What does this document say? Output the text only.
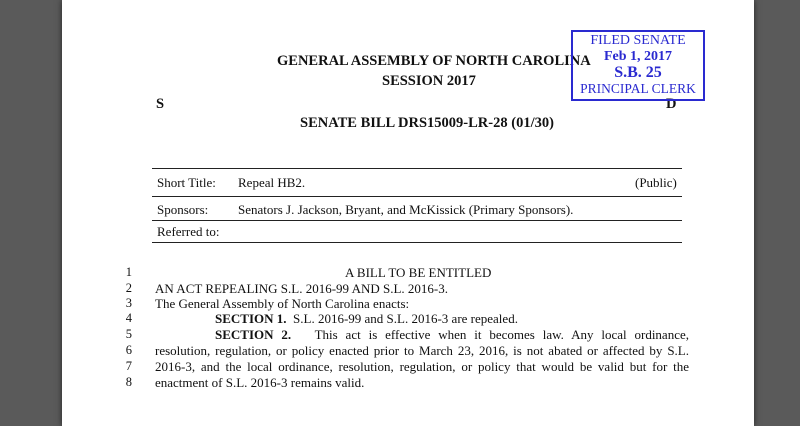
GENERAL ASSEMBLY OF NORTH CAROLINA
SESSION 2017
S	D
SENATE BILL DRS15009-LR-28 (01/30)
FILED SENATE
Feb 1, 2017
S.B. 25
PRINCIPAL CLERK
Short Title: Repeal HB2.	(Public)
Sponsors: Senators J. Jackson, Bryant, and McKissick (Primary Sponsors).
Referred to:
1	A BILL TO BE ENTITLED
2 AN ACT REPEALING S.L. 2016-99 AND S.L. 2016-3.
3 The General Assembly of North Carolina enacts:
4	SECTION 1. S.L. 2016-99 and S.L. 2016-3 are repealed.
5	SECTION 2. This act is effective when it becomes law. Any local ordinance,
6 resolution, regulation, or policy enacted prior to March 23, 2016, is not abated or affected by S.L.
7 2016-3, and the local ordinance, resolution, regulation, or policy that would be valid but for the
8 enactment of S.L. 2016-3 remains valid.
